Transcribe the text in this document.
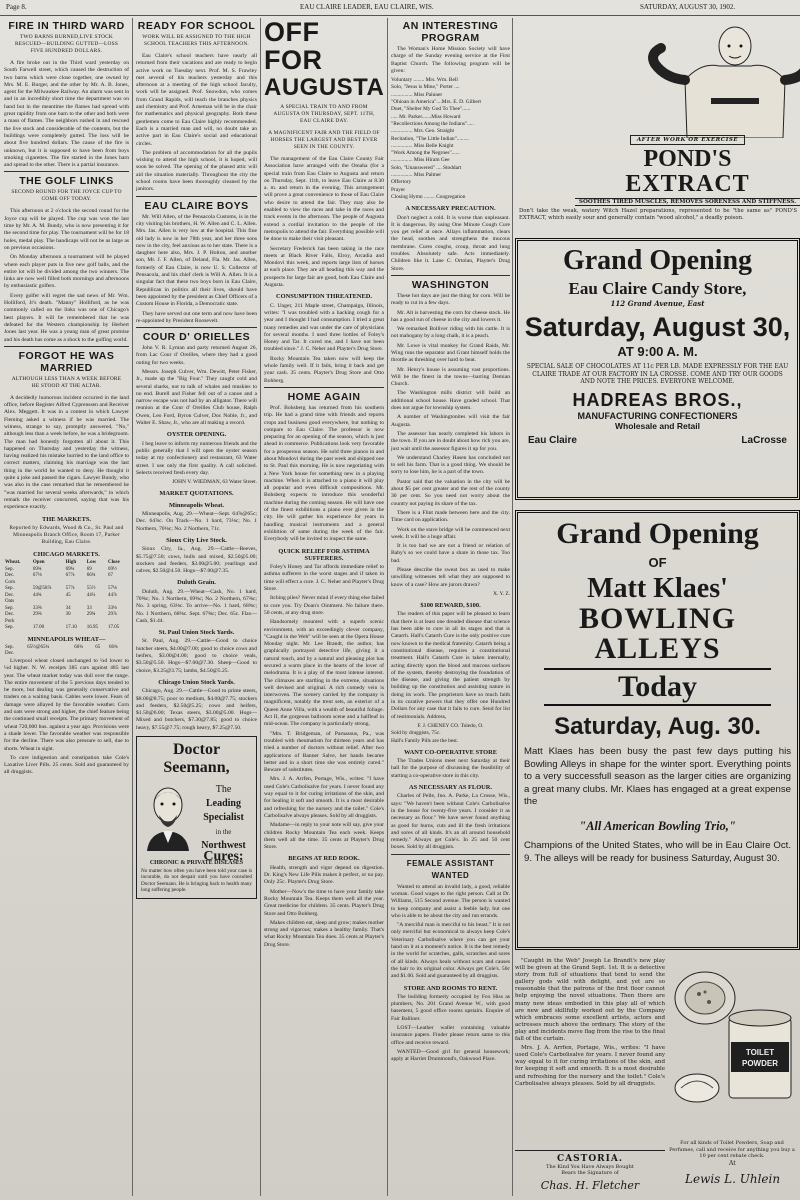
Page 8.	EAU CLAIRE LEADER, EAU CLAIRE, WIS.	SATURDAY, AUGUST 30, 1902.
FIRE IN THIRD WARD
TWO BARNS BURNED,LIVE STOCK RESCUED—BUILDING GUTTED—LOSS FIVE HUNDRED DOLLARS.

A fire broke out in the Third ward yesterday on South Farwell street, which caused the destruction of two barns which were close together, one owned by Mrs. M. E. Burger, and the other by Mr. A. B. Jones, agent for the Milwaukee Railway. An alarm was sent in and in an incredibly short time the department was on hand but in the meantime the flames had spread with great rapidity from one barn to the other and both were a mass of flames. The neighbors rushed in and rescued the live stock and considerable of the contents, but the buildings were completely gutted. The loss will be about five hundred dollars. The cause of the fire is unknown, but it is supposed to have been from boys smoking cigarettes. The fire started in the Jones barn and spread to the other. There is a partial insurance.

THE GOLF LINKS
SECOND ROUND FOR THE JOYCE CUP TO COME OFF TODAY.

This afternoon at 2 o'clock the second round for the Joyce cup will be played. The cup was won the last time by Mr. A. M. Bundy, who is now presenting it for the second time for play. The tournament will be for 18 holes, medal play. The handicaps will not be as large as on previous occasions.

On Monday afternoon a tournament will be played where each player puts in five new golf balls, and the entire lot will be divided among the two winners. The links are now well filled both mornings and afternoons by enthusiastic golfers.

Every golfer will regret the sad news of Mr. Wm. Holliford, Jr's death. "Manny" Holliford, as he was commonly called on the links was one of Chicago's best players. It will be remembered that he was defeated for the Western championship by Herbert Jones last year. He was a young man of great promise and his death has come as a shock to the golfing world.

FORGOT HE WAS MARRIED
ALTHOUGH LESS THAN A WEEK BEFORE HE STOOD AT THE ALTAR.

A decidedly humorous incident occurred in the land office, before Register Alfred Cyprenssen and Receiver Alex. Meggett. It was in a contest in which Lawyer Fleming asked a witness if he was married. The witness, strange to say, promptly answered, "No," although less than a week before, he was a bridegroom. The man had honestly forgotten all about it. This happened on Thursday and yesterday the witness, having realized his mistake hurried to the land office to correct matters, claiming his marriage was the last thing in the world he wanted to deny. He thought it quite a joke and passed the cigars. Lawyer Bundy, who was also in the case remarked that he remembered he "was married for several weeks afterwards," in which remark the receiver concurred, saying that was his experience exactly.

THE MARKETS.
Reported by Edwards, Wood & Co., St. Paul and Minneapolis Branch Office, Room 17, Parker Building, Eau Claire.
CHICAGO MARKETS.
Wheat.	Open	High	Low	Close
Sep.	69¾	69¾	69	69½
Dec.	67⅛	67⅞	66¾	67
Corn				
Sep.	59@58⅞	57⅞	55½	57⅛
Dec.	44¾	45	44¼	44⅞
Oats				
Sep.	33⅝	34	33	33⅛
Dec.	29⅜	30	29¾	29⅞
Pork				
Sep.	17.00	17.10	16.95	17.05
MINNEAPOLIS WHEAT—
Sep.	65½@65¾	66¾	65	66¾
Dec.				

Liverpool wheat closed unchanged to ¼d lower to ¼d higher. N. W. receipts 385 cars against 485 last year. The wheat market today was dull over the range. The entire movement of the 5 previous days tended to be more, but dealing was generally conservative and traders on a waiting basis. Cables were lower. Fears of damage were allayed by the favorable weather. Corn and oats were strong and higher, the chief feature being the continued small receipts. The primary movement of wheat 720,000 bus. against a year ago. Provisions were a shade lower. The favorable weather was responsible for the decline. There was also pressure to sell, due to shorts. Wheat in sight.

To cure indigestion and constipation take Cole's Laxative Liver Pills. 25 cents. Sold and guaranteed by all druggists.

READY FOR SCHOOL
WORK WILL BE ASSIGNED TO THE HIGH SCHOOL TEACHERS THIS AFTERNOON.

Eau Claire's school teachers have nearly all returned from their vacations and are ready to begin active work on Tuesday next. Prof. M. S. Frawley met several of his teachers yesterday and this afternoon at a meeting of the high school faculty, work will be assigned. Prof. Snowdon, who comes from Grand Rapids, will teach the branches physics and chemistry and Prof. Arneman will be in the chair for mathematics and physical geography. Both these gentlemen come to Eau Claire highly recommended. Each is a married man and will, no doubt take an active part in Eau Claire's social and educational circles.

The problem of accommodation for all the pupils wishing to attend the high school, it is hoped, will soon be solved. The opening of the phased attic will aid the situation materially. Throughout the city the school rooms have been thoroughly cleaned by the janitors.

EAU CLAIRE BOYS

Mr. Will Allen, of the Pensacola Customs, is in the city visiting his brothers, H. W. Allen and C. L. Allen. Mrs. Jas. Allen is very low at the hospital. This fine old lady is now in her 78th year, and her three sons now in the city, feel anxious as to her state. There is a daughter here also, Mrs. J. P. Holton, and another son, Mr. J. F. Allen, of Deland, Fla. Mr. Jas. Allen, formerly of Eau Claire, is now U. S. Collector of Pensacola, and his chief clerk is Will A. Allen. It is a singular fact that these two boys born in Eau Claire, Republican in politics all their lives, should have been appointed by the president as Chief Officers of a Custom House in Florida, a Democratic state.

They have served out one term and now have been re-appointed by President Roosevelt.

COUR D' ORIELLES

John V. R. Lyman and party returned August 26, from Lac Cour d' Oreilles, where they had a good outing for two weeks.

Messrs. Joseph Culver, Wm. Dewitt, Peter Fisher, Jr., made up the "Big Four." They caught cold and several sharks, not to talk of whales and muskies to no end. Burell and Fisher fell out of a canoe and a narrow escape was not had by an alligator. There will reunion at the Cour d' Oreilles Club house, Ralph Owen, Leo Ford, Byron Culver, Doc Noble, Jr., and Walter E. Shaw, Jr., who are all making a record.

OYSTER OPENING.

I beg leave to inform my numerous friends and the public generally that I will open the oyster season today at my confectionery and restaurant, 63 Water street. I use only the first quality. A call solicited. Selects received fresh every day.

JOHN V. WIEDMAN, 63 Water Street.
MARKET QUOTATIONS.
Minneapolis Wheat.

Minneapolis, Aug. 29.—Wheat—Sept. 64⅞@65c; Dec. 64⅞c. On Track—No. 1 hard, 73⅛c; No. 1 Northern, 70⅛c; No. 2 Northern, 71c.

Sioux City Live Stock.

Sioux City, Ia., Aug. 29.—Cattle—Beeves, $5.75@7.50; cows, bulls and mixed, $2.50@5.00; stockers and feeders, $3.00@5.00; yearlings and calves, $2.50@4.50. Hogs—$7.00@7.35.

Duluth Grain.

Duluth, Aug. 29.—Wheat—Cash, No. 1 hard, 70⅝c; No. 1 Northern, 69⅝c; No. 2 Northern, 67⅜c; No. 3 spring, 63⅛c. To arrive—No. 1 hard, 68⅝c; No. 1 Northern, 68⅜c. Sept. 67⅝c; Dec. 65c. Flax—Cash, $1.44.

St. Paul Union Stock Yards.

St. Paul, Aug. 29.—Cattle—Good to choice butcher steers, $4.00@7.00; good to choice cows and heifers, $3.00@4.00; good to choice veals, $3.50@5.50. Hogs—$7.00@7.30. Sheep—Good to choice, $3.25@3.75; lambs, $4.50@5.25.

Chicago Union Stock Yards.

Chicago, Aug. 29.—Cattle—Good to prime steers, $8.00@8.75; poor to medium, $4.00@7.75; stockers and feeders, $2.50@5.25; cows and heifers, $1.50@6.00; Texas steers, $3.00@5.00. Hogs—Mixed and butchers, $7.30@7.85; good to choice heavy, $7.55@7.75; rough heavy, $7.25@7.50.

Doctor Seemann,
The
Leading
Specialist
in the
Northwest
Cures:
CHRONIC & PRIVATE DISEASES
No matter how often you have been told your case is incurable, do not despair until you have consulted Doctor Seemann. He is bringing back to health many long suffering people.
OFF FOR
AUGUSTA
A SPECIAL TRAIN TO AND FROM AUGUSTA ON THURSDAY, SEPT. 11TH, EAU CLAIRE DAY.
A MAGNIFICENT FAIR AND THE FIELD OF HORSES THE LARGEST AND BEST EVER SEEN IN THE COUNTY.

The management of the Eau Claire County Fair Association have arranged with the Omaha (for a special train from Eau Claire to Augusta and return on Thursday, Sept. 11th, to leave Eau Claire at 8.30 a. m. and return in the evening. This arrangement will prove a great convenience to those of Eau Claire who desire to attend the fair. They may also be enabled to view the races and take in the races and track events in the afternoon. The people of Augusta extend a cordial invitation to the people of the metropolis to attend the fair. Everything possible will be done to make their visit pleasant.

Secretary Frederick has been taking in the race meets at Black River Falls, Elroy, Arcadia and Mondovi this week, and reports large lists of horses at each place. They are all heading this way and the prospects for large fair are good, both Eau Claire and Augusta.

CONSUMPTION THREATENED.

C. Unger, 211 Maple street, Champaign, Illinois, writes: "I was troubled with a hacking cough for a year and I thought I had consumption. I tried a great many remedies and was under the care of physicians for several months. I used three bottles of Foley's Honey and Tar. It cured me, and I have not been troubled since." J. C. Neher and Playter's Drug Store.

Rocky Mountain Tea taken now will keep the whole family well. If it fails, bring it back and get your cash. 35 cents. Playter's Drug Store and Otto Bohberg.

HOME AGAIN

Prof. Bohsberg has returned from his southern trip. He had a grand time with friends and reports crops and business good everywhere, but nothing to compare to Eau Claire. The professor is now preparing for an opening of the season, which is just ahead in commerce. Publications look very favorable for a prosperous season. He sold three pianos in and about Mondovi during the past week and shipped one to St. Paul this morning. He is now negotiating with a New York house for something new in a playing machine. When it is attached to a piano it will play all popular and even difficult compositions. Mr. Bohsberg expects to introduce this wonderful machine during the coming season. He will have one of the finest exhibitions a piano ever given in the city. He will gather his experience for years in handling musical instruments and a general exhibition of same during the week of the fair. Everybody will be invited to inspect the same.

QUICK RELIEF FOR ASTHMA SUFFERERS.

Foley's Honey and Tar affords immediate relief to asthma sufferers in the worst stages and if taken in time will effect a cure. J. C. Neher and Playter's Drug Store.

Itching piles? Never mind if every thing else failed to cure you. Try Doan's Ointment. No failure there. 50 cents, at any drug store.

Handsomely mounted with a superb scenic environment, with an exceedingly clever company, "Caught in the Web" will be seen at the Opera House Monday night. Mr. Lee Brandt, the author, has graphically portrayed detective life, giving it a natural touch, and by a natural and pleasing plot has secured a warm place in the hearts of the lover of melodrama. It is a play of the most intense interest. The climaxes are startling in the extreme, situations well devised and original. A rich comedy vein is interwoven. The scenery carried by the company is magnificent, notably the trent sets, an exterior of a Queen Anne Villa, with a wealth of beautiful foliage. Act II, the gorgeous ballroom scene and a halfleaf in mid-ocean. The company is particularly strong.

"Mrs. T. Bridgeman, of Parnassus, Pa., was troubled with rheumatism for thirteen years and has tried a number of doctors without relief. After two applications of Banner Salve, her hands became better and in a short time she was entirely cured." Beware of substitutes.

Mrs. J. A. Arrfen, Portage, Wis., writes: "I have used Cole's Carbolisalve for years. I never found any way equal to it for curing irritations of the skin, and for healing it soft and smooth. It is a most desirable and refreshing for the nursery and the toilet." Cole's Carbolisalve always pleases. Sold by all druggists.

Madame—in reply to your note will say, give your children Rocky Mountain Tea each week. Keeps them well all the time. 35 cents at Playter's Drug Store.

BEGINS AT RED ROOK.

Health, strength and vigor depend on digestion. Dr. King's New Life Pills makes it perfect, or no pay. Only 25c. Playter's Drug Store.

Mother—Now's the time to have your family take Rocky Mountain Tea. Keeps them well all the year. Great medicine for children. 35 cents. Playter's Drug Store and Otto Bohberg.

Makes children eat, sleep and grow; makes mother strong and vigorous; makes a healthy family. That's what Rocky Mountain Tea does. 35 cents at Playter's Drug Store.

AN INTERESTING PROGRAM

The Woman's Home Mission Society will have charge of the Sunday evening service at the First Baptist Church. The following program will be given:

Voluntary ........ Mrs. Wm. Bell
Solo, "Jesus is Mine," Porter ....
................ Miss Paluner
"Ohioan in America"....Mrs. E. D. Gilbert
Duet, "Shelter My God To Thee"......
..... Mr. Parker.......Miss Howard
"Recollections Among the Indians".....
................ Mrs. Geo. Straight
Recitation, "The Little Indian".........
................ Miss Belle Knight
"Work Among the Negroes"......
................ Miss Hiram Gee
Solo, "Unanswered" .... Stoddart
................ Miss Palmer
Offertory
Prayer
Closing Hymn ........ Congregation
A NECESSARY PRECAUTION.

Don't neglect a cold. It is worse than unpleasant. It is dangerous. By using One Minute Cough Cure you get relief at once. Allays inflammation, clears the head, soothes and strengthens the mucous membrane. Cures coughs, croup, throat and lung troubles. Absolutely safe. Acts immediately. Children like it. Lane C. Ortolan, Playter's Drug Store.

WASHINGTON

These hot days are just the thing for corn. Will be ready to cut in a few days.

Mr. Alt is harvesting the corn for cheese stock. He has a good run of cheese in the city and lowers it.

We remarked Bolliver riding with his cattle. It is not mahogany by a long chalk, it is a peach.

Mr. Lowe is vital monkey for Grand Raids, Mr. Wing runs the separator and Grant himself holds the throttle as threshing over hard to beat.

Mr. Henry's house is assuming vast proportions. Will be the finest in the towns—barring Demian Church.

The Washington mills district will build an additional school house. Have graded school. That does not argue for township system.

A number of Washingtonites will visit the fair Augusta.

The assessor has nearly completed his labors in the town. If you are in doubt about how rich you are, just wait until the assessor figures it up for you.

We understand Charley Hasen has concluded not to sell his farm. That is a good thing. We should be sorry to lose him, he is a part of the town.

Pastor said that the valuation in the city will be about $5 per cent greater and the rest of the county 30 per cent. So you need not worry about the country not paying its share of the tax.

There is a Flint made between here and the city. Time card on application.

Work on the stave bridge will be commenced next week. It will be a huge affair.

It is too bad we are not a friend or relation of Baby's so we could have a share in those tax. Too bad.

Please describe the sweat box as used to make unwilling witnesses tell what they are supposed to know of a case? How are jurors drawn?

X. Y. Z.
$100 REWARD, $100.

The readers of this paper will be pleased to learn that there is at least one dreaded disease that science has been able to cure in all its stages and that is Catarrh. Hall's Catarrh Cure is the only positive cure now known to the medical fraternity. Catarrh being a constitutional disease, requires a constitutional treatment. Hall's Catarrh Cure is taken internally, acting directly upon the blood and mucous surfaces of the system, thereby destroying the foundation of the disease, and giving the patient strength by building up the constitution and assisting nature in doing its work. The proprietors have so much faith in its curative powers that they offer one Hundred Dollars for any case that it fails to cure. Send for list of testimonials. Address,

F. J. CHENEY CO. Toledo, O.
Sold by druggists, 75c.
Hall's Family Pills are the best.
WANT CO-OPERATIVE STORE

The Trades Unions meet next Saturday at their hall for the purpose of discussing the feasibility of starting a co-operative store in this city.

AS NECESSARY AS FLOUR.

Charles of Pelle, Jno. A. Parke, La Crosse, Wis., says: "We haven't been without Cole's Carbolisalve in the house for twenty-five years. I consider it as necessary as flour." We have never found anything as good for burns, cuts and ill the fresh irritations and sores of all kinds. It's an all around household remedy." Always get Cole's. In 25 and 50 cent boxes. Sold by all druggists.

FEMALE ASSISTANT WANTED

Wanted to attend an invalid lady, a good, reliable woman. Good wages to the right person. Call at Dr. Williams, 515 Second avenue. The person is wanted to keep company and assist a feeble lady, but one who is able to be about the city and run errands.

"A merciful man is merciful to his beast." It is not only merciful but economical to always keep Cole's Veterinary Carbolisalve where you can get your hand on it at a moment's notice. It is the best remedy in the world for scratches, galls, scratches and sores of all kinds. Always heals without scars and causes the hair to its original color. Always get Cole's. 50c and $1.00. Sold and guaranteed by all druggists.

STORE AND ROOMS TO RENT.

The building formerly occupied by Fox Hiss as plumbers, No. 201 Grand Avenue W., with good basement, 5 good office rooms upstairs. Enquire of Fair Balliner.

LOST—Leather wallet containing valuable insurance papers. Finder please return same to this office and receive reward.

WANTED—Good girl for general housework; apply at Harriet Drummond's, Oakwood Place.

AFTER WORK OR EXERCISE
POND'S
EXTRACT
SOOTHES TIRED MUSCLES, REMOVES SORENESS AND STIFFNESS.
Don't take the weak, watery Witch Hazel preparations, represented to be "the same as" POND'S EXTRACT, which easily sour and generally contain "wood alcohol," a deadly poison.
Grand Opening
Eau Claire Candy Store,
112 Grand Avenue, East
Saturday, August 30,
AT 9:00 A. M.
SPECIAL SALE OF CHOCOLATES AT 11c PER LB. MADE EXPRESSLY FOR THE EAU CLAIRE TRADE AT OUR FACTORY IN LA CROSSE. COME AND TRY OUR GOODS AND NOTE THE PRICES. EVERYONE WELCOME.
HADREAS BROS.,
MANUFACTURING CONFECTIONERS
Wholesale and Retail
Eau Claire	LaCrosse
Grand Opening
OF
Matt Klaes'
BOWLING
ALLEYS
Today
Saturday, Aug. 30.
Matt Klaes has been busy the past few days putting his Bowling Alleys in shape for the winter sport. Everything points to a very successfull season as the larger cities are organizing a great many clubs. Mr. Klaes has engaged at a great expense the
"All American Bowling Trio,"
Champions of the United States, who will be in Eau Claire Oct. 9. The alleys will be ready for business Saturday, August 30.

"Caught in the Web" Joseph Le Brandt's new play will be given at the Grand Sept. 1st. It is a detective story from full of situations that tend to send the gallery gods wild with delight, and yet are so reasonable that the patrons of the first floor cannot help enjoying the novel situations. Then there are many new ideas embodied in this play all of which are new and skillfully worked out by the Company which embraces some excellent artists, actors and actresses much above the ordinary. The story of the play and incidents move flag from the rise to the final fall of the curtain.

Mrs. J. A. Arrfen, Portage, Wis., writes: "I have used Cole's Carbolisalve for years. I never found any way equal to it for curing irritations of the skin, and for keeping it soft and smooth. It is a most desirable and refreshing for the nursery and the toilet." Cole's Carbolisalve always pleases. Sold by all druggists.

TOILET
POWDER
For all kinds of Toilet Powders, Soap and Perfumes, call and receive for anything you buy a 10 per cent rebate check.
CASTORIA.
The Kind You Have Always Bought
Bears the Signature of
Chas. H. Fletcher
At
Lewis L. Uhlein
